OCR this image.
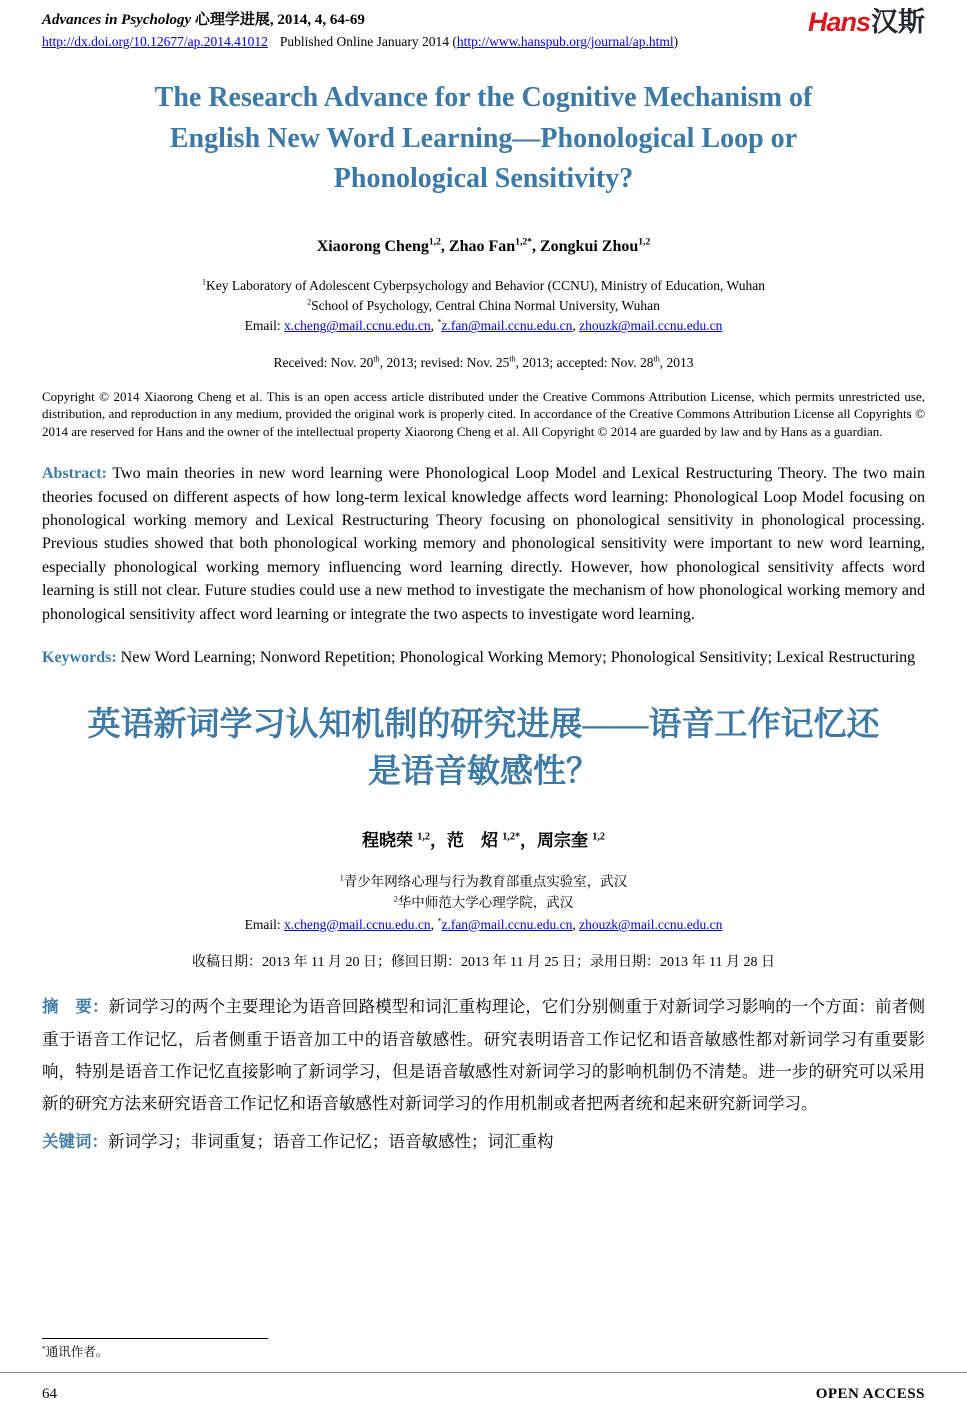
Advances in Psychology 心理学进展, 2014, 4, 64-69
http://dx.doi.org/10.12677/ap.2014.41012 Published Online January 2014 (http://www.hanspub.org/journal/ap.html)
Hans汉斯
The Research Advance for the Cognitive Mechanism of
English New Word Learning—Phonological Loop or
Phonological Sensitivity?
Xiaorong Cheng$^{1,2}$, Zhao Fan$^{1,2*}$, Zongkui Zhou$^{1,2}$
$^1$Key Laboratory of Adolescent Cyberpsychology and Behavior (CCNU), Ministry of Education, Wuhan
$^2$School of Psychology, Central China Normal University, Wuhan
Email: x.cheng@mail.ccnu.edu.cn, *z.fan@mail.ccnu.edu.cn, zhouzk@mail.ccnu.edu.cn
Received: Nov. 20th, 2013; revised: Nov. 25th, 2013; accepted: Nov. 28th, 2013

Copyright © 2014 Xiaorong Cheng et al. This is an open access article distributed under the Creative Commons Attribution License, which permits unrestricted use, distribution, and reproduction in any medium, provided the original work is properly cited. In accordance of the Creative Commons Attribution License all Copyrights © 2014 are reserved for Hans and the owner of the intellectual property Xiaorong Cheng et al. All Copyright © 2014 are guarded by law and by Hans as a guardian.

Abstract: Two main theories in new word learning were Phonological Loop Model and Lexical Restructuring Theory. The two main theories focused on different aspects of how long-term lexical knowledge affects word learning: Phonological Loop Model focusing on phonological working memory and Lexical Restructuring Theory focusing on phonological sensitivity in phonological processing. Previous studies showed that both phonological working memory and phonological sensitivity were important to new word learning, especially phonological working memory influencing word learning directly. However, how phonological sensitivity affects word learning is still not clear. Future studies could use a new method to investigate the mechanism of how phonological working memory and phonological sensitivity affect word learning or integrate the two aspects to investigate word learning.

Keywords: New Word Learning; Nonword Repetition; Phonological Working Memory; Phonological Sensitivity; Lexical Restructuring

英语新词学习认知机制的研究进展——语音工作记忆还
是语音敏感性？
程晓荣 $^{1,2}$，范　炤 $^{1,2*}$，周宗奎 $^{1,2}$
$^1$青少年网络心理与行为教育部重点实验室，武汉
$^2$华中师范大学心理学院，武汉
Email: x.cheng@mail.ccnu.edu.cn, *z.fan@mail.ccnu.edu.cn, zhouzk@mail.ccnu.edu.cn
收稿日期：2013 年 11 月 20 日；修回日期：2013 年 11 月 25 日；录用日期：2013 年 11 月 28 日

摘　要：新词学习的两个主要理论为语音回路模型和词汇重构理论，它们分别侧重于对新词学习影响的一个方面：前者侧重于语音工作记忆，后者侧重于语音加工中的语音敏感性。研究表明语音工作记忆和语音敏感性都对新词学习有重要影响，特别是语音工作记忆直接影响了新词学习，但是语音敏感性对新词学习的影响机制仍不清楚。进一步的研究可以采用新的研究方法来研究语音工作记忆和语音敏感性对新词学习的作用机制或者把两者统和起来研究新词学习。

关键词：新词学习；非词重复；语音工作记忆；语音敏感性；词汇重构

*通讯作者。
64	OPEN ACCESS
